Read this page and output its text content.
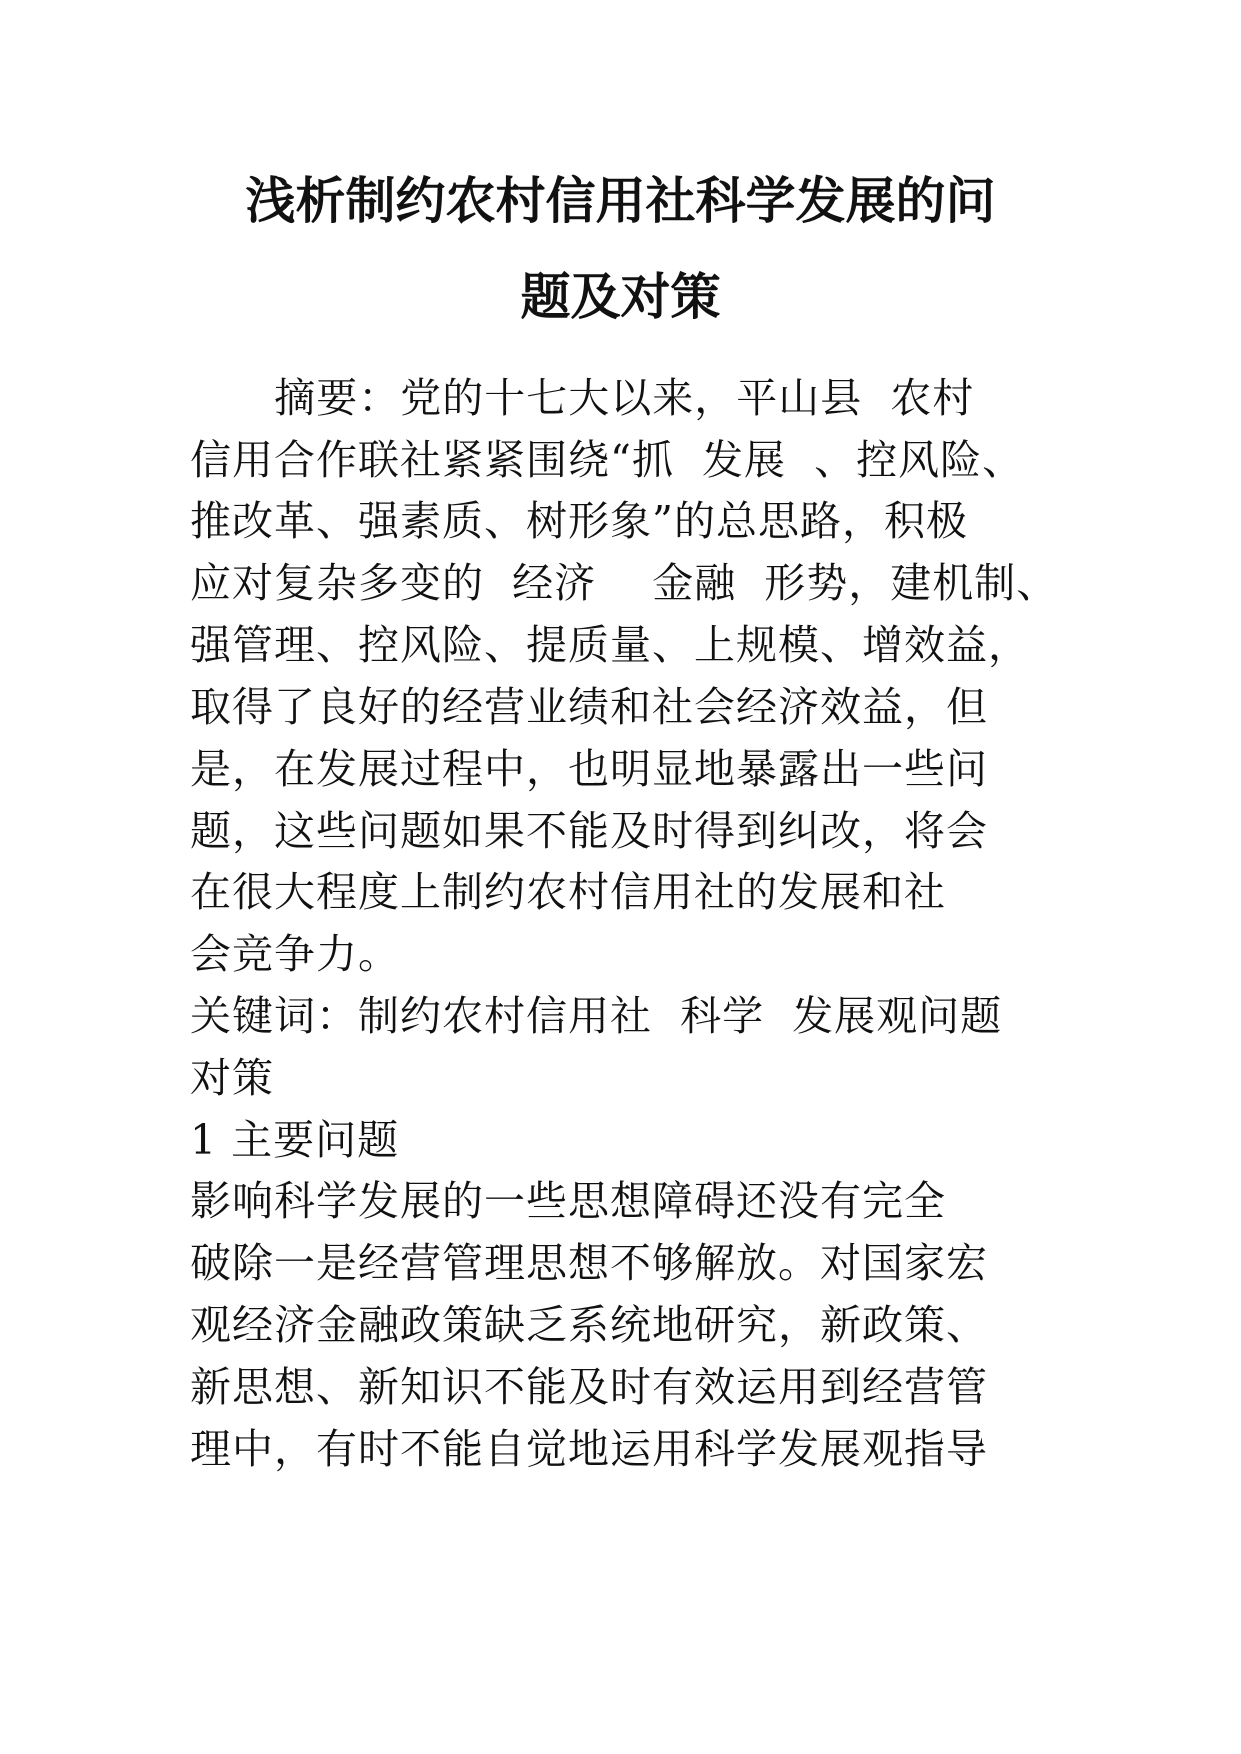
浅析制约农村信用社科学发展的问
题及对策
摘要：党的十七大以来，平山县  农村
信用合作联社紧紧围绕“抓  发展  、控风险、
推改革、强素质、树形象”的总思路，积极
应对复杂多变的  经济    金融  形势，建机制、
强管理、控风险、提质量、上规模、增效益，
取得了良好的经营业绩和社会经济效益，但
是，在发展过程中，也明显地暴露出一些问
题，这些问题如果不能及时得到纠改，将会
在很大程度上制约农村信用社的发展和社
会竞争力。
关键词：制约农村信用社  科学  发展观问题
对策
1 主要问题
影响科学发展的一些思想障碍还没有完全
破除一是经营管理思想不够解放。对国家宏
观经济金融政策缺乏系统地研究，新政策、
新思想、新知识不能及时有效运用到经营管
理中，有时不能自觉地运用科学发展观指导
